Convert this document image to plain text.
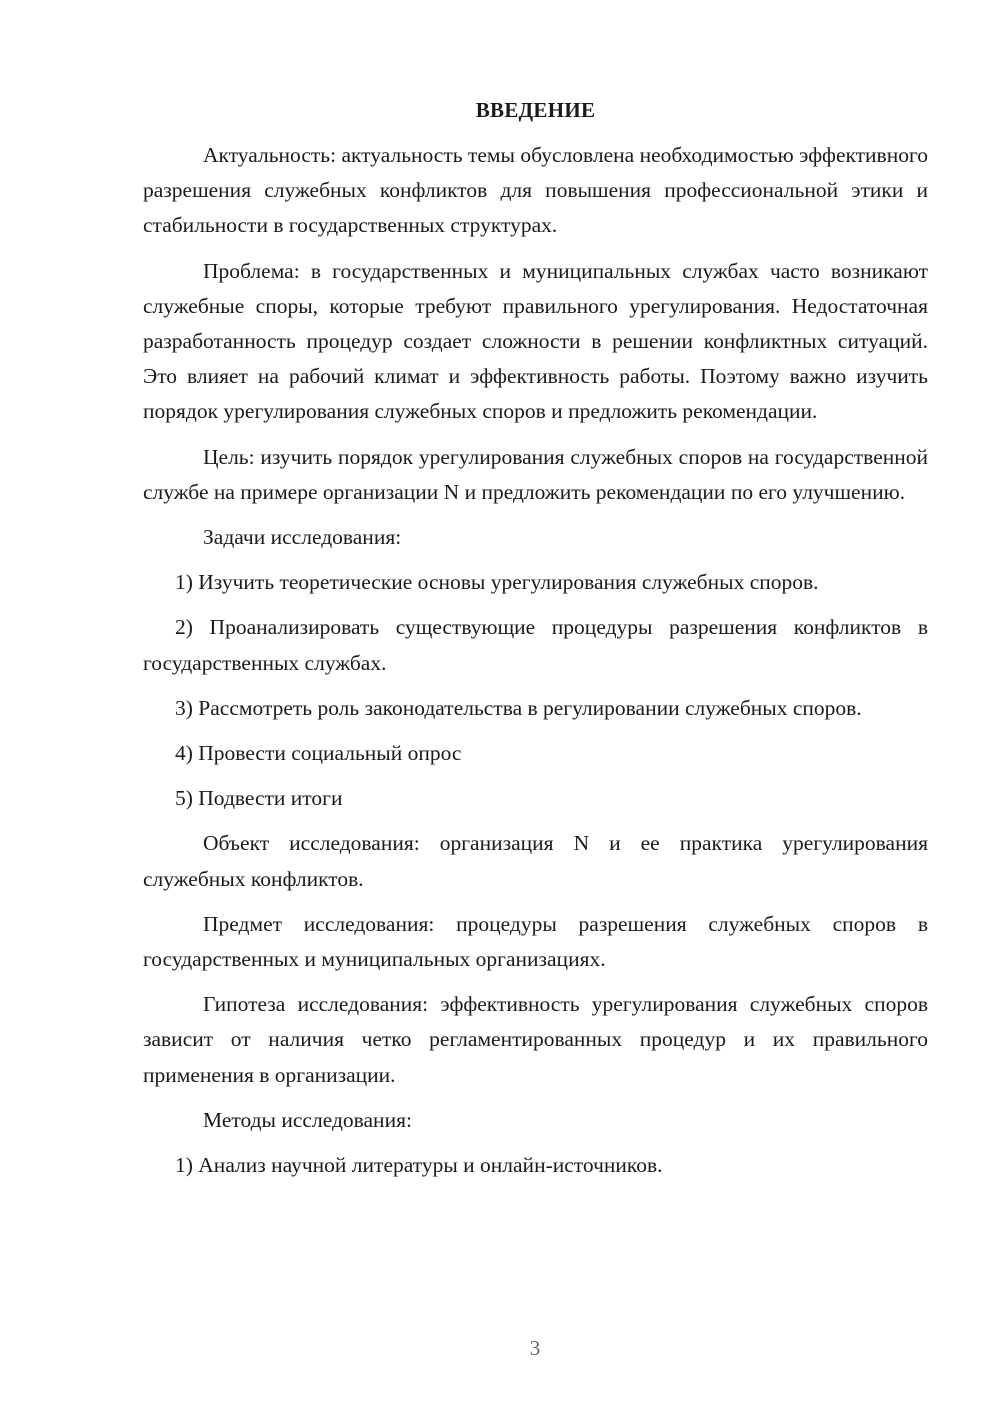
ВВЕДЕНИЕ

Актуальность: актуальность темы обусловлена необходимостью эффективного разрешения служебных конфликтов для повышения профессиональной этики и стабильности в государственных структурах.

Проблема: в государственных и муниципальных службах часто возникают служебные споры, которые требуют правильного урегулирования. Недостаточная разработанность процедур создает сложности в решении конфликтных ситуаций. Это влияет на рабочий климат и эффективность работы. Поэтому важно изучить порядок урегулирования служебных споров и предложить рекомендации.

Цель: изучить порядок урегулирования служебных споров на государственной службе на примере организации N и предложить рекомендации по его улучшению.

Задачи исследования:

1) Изучить теоретические основы урегулирования служебных споров.

2) Проанализировать существующие процедуры разрешения конфликтов в государственных службах.

3) Рассмотреть роль законодательства в регулировании служебных споров.

4) Провести социальный опрос

5) Подвести итоги

Объект исследования: организация N и ее практика урегулирования служебных конфликтов.

Предмет исследования: процедуры разрешения служебных споров в государственных и муниципальных организациях.

Гипотеза исследования: эффективность урегулирования служебных споров зависит от наличия четко регламентированных процедур и их правильного применения в организации.

Методы исследования:

1) Анализ научной литературы и онлайн-источников.

3
